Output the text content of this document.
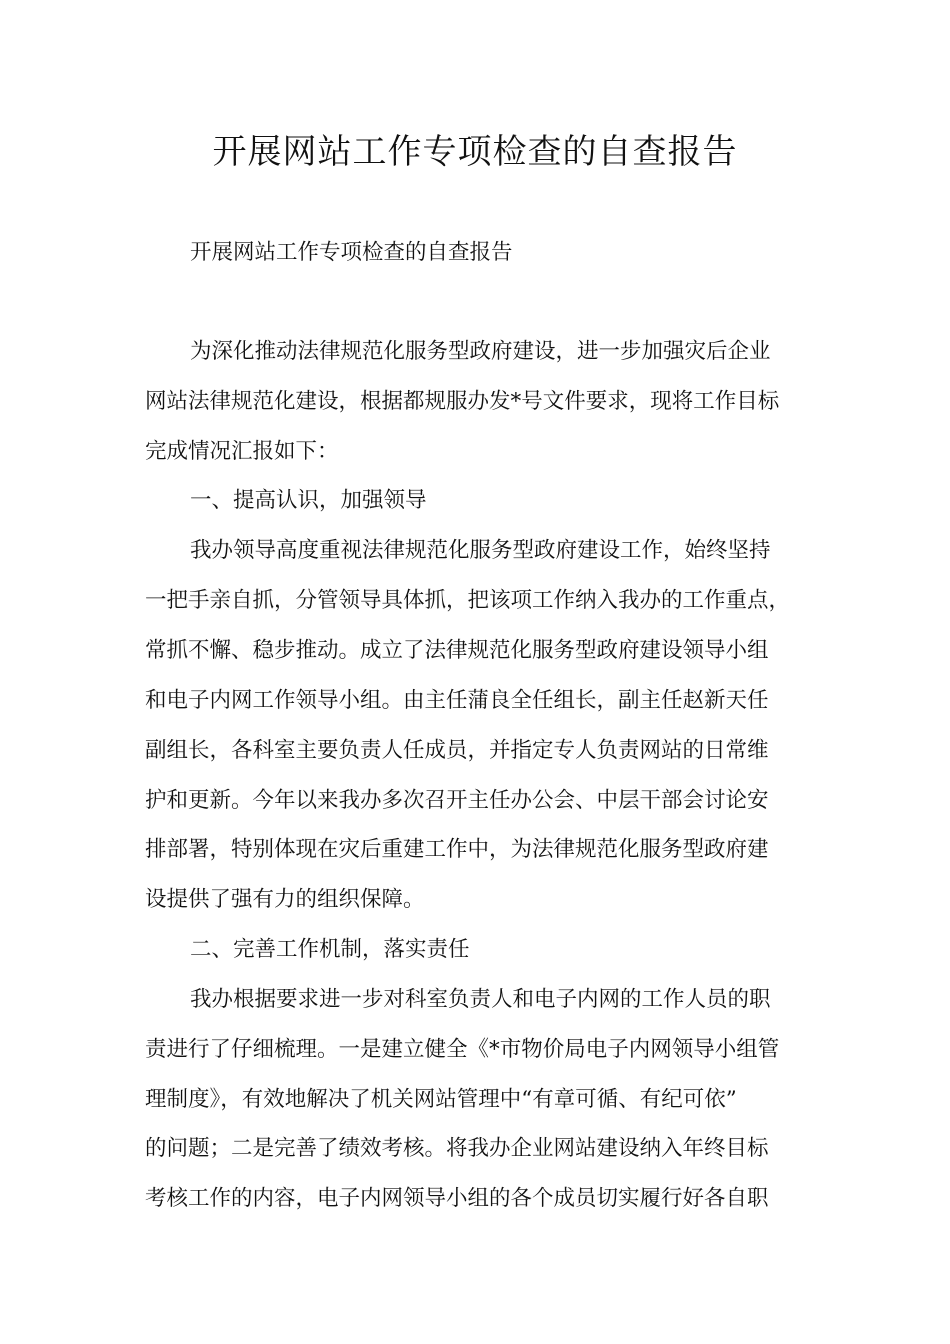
开展网站工作专项检查的自查报告

开展网站工作专项检查的自查报告

为深化推动法律规范化服务型政府建设，进一步加强灾后企业

网站法律规范化建设，根据都规服办发*号文件要求，现将工作目标

完成情况汇报如下：

一、提高认识，加强领导

我办领导高度重视法律规范化服务型政府建设工作，始终坚持

一把手亲自抓，分管领导具体抓，把该项工作纳入我办的工作重点，

常抓不懈、稳步推动。成立了法律规范化服务型政府建设领导小组

和电子内网工作领导小组。由主任蒲良全任组长，副主任赵新天任

副组长，各科室主要负责人任成员，并指定专人负责网站的日常维

护和更新。今年以来我办多次召开主任办公会、中层干部会讨论安

排部署，特别体现在灾后重建工作中，为法律规范化服务型政府建

设提供了强有力的组织保障。

二、完善工作机制，落实责任

我办根据要求进一步对科室负责人和电子内网的工作人员的职

责进行了仔细梳理。一是建立健全《*市物价局电子内网领导小组管

理制度》，有效地解决了机关网站管理中“有章可循、有纪可依”

的问题；二是完善了绩效考核。将我办企业网站建设纳入年终目标

考核工作的内容，电子内网领导小组的各个成员切实履行好各自职
